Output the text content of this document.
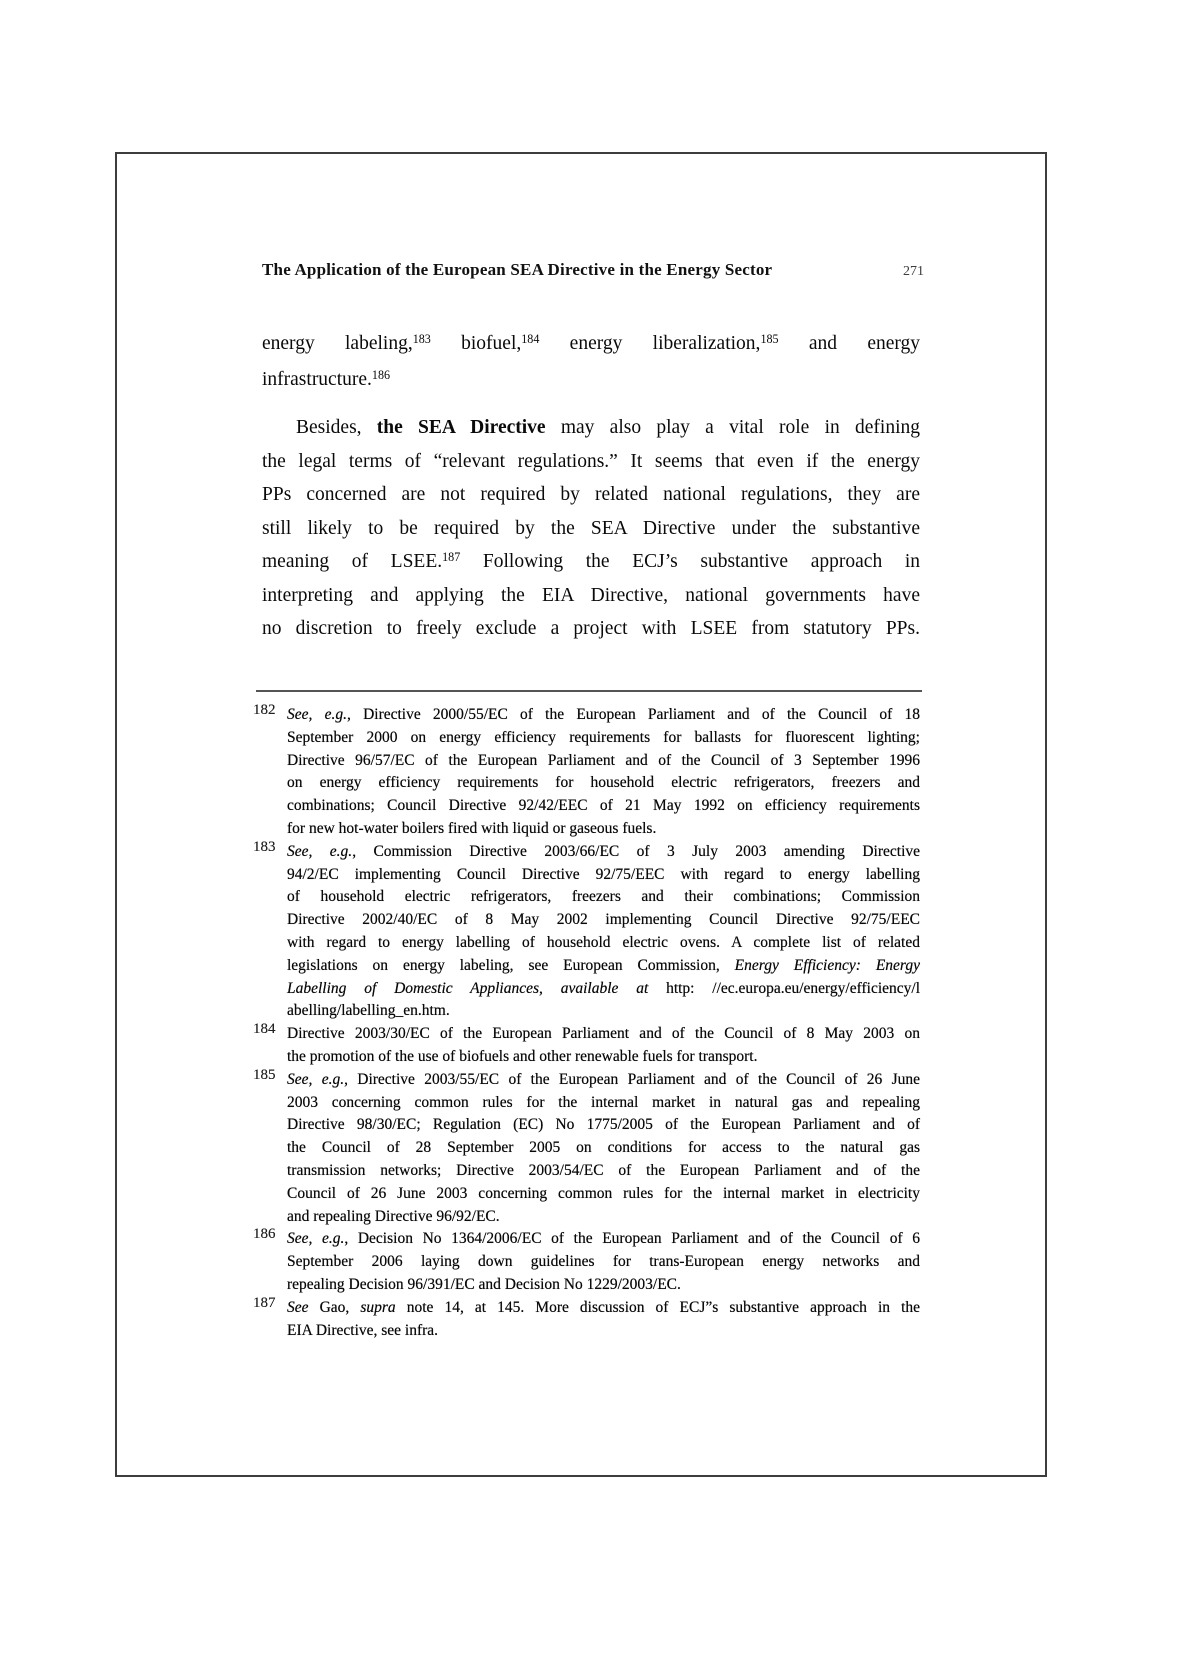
The Application of the European SEA Directive in the Energy Sector	271
energy labeling,$^{183}$ biofuel,$^{184}$ energy liberalization,$^{185}$ and energy
infrastructure.$^{186}$
Besides, the SEA Directive may also play a vital role in defining
the legal terms of “relevant regulations.” It seems that even if the energy
PPs concerned are not required by related national regulations, they are
still likely to be required by the SEA Directive under the substantive
meaning of LSEE.$^{187}$ Following the ECJ’s substantive approach in
interpreting and applying the EIA Directive, national governments have
no discretion to freely exclude a project with LSEE from statutory PPs.
182 See, e.g., Directive 2000/55/EC of the European Parliament and of the Council of 18
September 2000 on energy efficiency requirements for ballasts for fluorescent lighting;
Directive 96/57/EC of the European Parliament and of the Council of 3 September 1996
on energy efficiency requirements for household electric refrigerators, freezers and
combinations; Council Directive 92/42/EEC of 21 May 1992 on efficiency requirements
for new hot-water boilers fired with liquid or gaseous fuels.
183 See, e.g., Commission Directive 2003/66/EC of 3 July 2003 amending Directive
94/2/EC implementing Council Directive 92/75/EEC with regard to energy labelling
of household electric refrigerators, freezers and their combinations; Commission
Directive 2002/40/EC of 8 May 2002 implementing Council Directive 92/75/EEC
with regard to energy labelling of household electric ovens. A complete list of related
legislations on energy labeling, see European Commission, Energy Efficiency: Energy
Labelling of Domestic Appliances, available at http: //ec.europa.eu/energy/efficiency/l
abelling/labelling_en.htm.
184 Directive 2003/30/EC of the European Parliament and of the Council of 8 May 2003 on
the promotion of the use of biofuels and other renewable fuels for transport.
185 See, e.g., Directive 2003/55/EC of the European Parliament and of the Council of 26 June
2003 concerning common rules for the internal market in natural gas and repealing
Directive 98/30/EC; Regulation (EC) No 1775/2005 of the European Parliament and of
the Council of 28 September 2005 on conditions for access to the natural gas
transmission networks; Directive 2003/54/EC of the European Parliament and of the
Council of 26 June 2003 concerning common rules for the internal market in electricity
and repealing Directive 96/92/EC.
186 See, e.g., Decision No 1364/2006/EC of the European Parliament and of the Council of 6
September 2006 laying down guidelines for trans-European energy networks and
repealing Decision 96/391/EC and Decision No 1229/2003/EC.
187 See Gao, supra note 14, at 145. More discussion of ECJ”s substantive approach in the
EIA Directive, see infra.
